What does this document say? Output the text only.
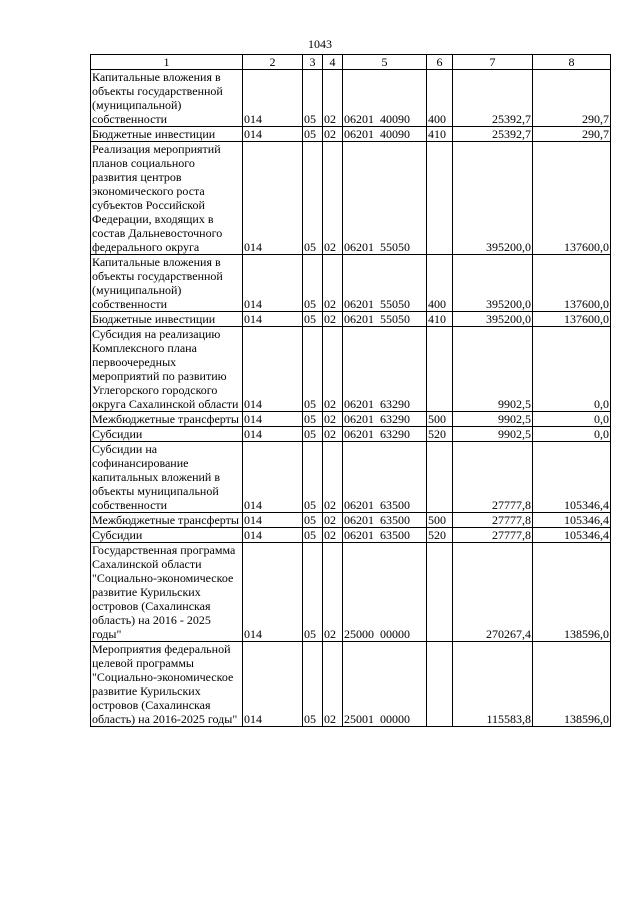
1043
1	2	3	4	5	6	7	8

Капитальные вложения в объекты государственной (муниципальной) собственности	014	05	02	06201 40090	400	25392,7	290,7

Бюджетные инвестиции	014	05	02	06201 40090	410	25392,7	290,7

Реализация мероприятий планов социального развития центров экономического роста субъектов Российской Федерации, входящих в состав Дальневосточного федерального округа	014	05	02	06201 55050		395200,0	137600,0

Капитальные вложения в объекты государственной (муниципальной) собственности	014	05	02	06201 55050	400	395200,0	137600,0

Бюджетные инвестиции	014	05	02	06201 55050	410	395200,0	137600,0

Субсидия на реализацию Комплексного плана первоочередных мероприятий по развитию Углегорского городского округа Сахалинской области	014	05	02	06201 63290		9902,5	0,0

Межбюджетные трансферты	014	05	02	06201 63290	500	9902,5	0,0

Субсидии	014	05	02	06201 63290	520	9902,5	0,0

Субсидии на софинансирование капитальных вложений в объекты муниципальной собственности	014	05	02	06201 63500		27777,8	105346,4

Межбюджетные трансферты	014	05	02	06201 63500	500	27777,8	105346,4

Субсидии	014	05	02	06201 63500	520	27777,8	105346,4

Государственная программа Сахалинской области "Социально-экономическое развитие Курильских островов (Сахалинская область) на 2016 - 2025 годы"	014	05	02	25000 00000		270267,4	138596,0

Мероприятия федеральной целевой программы "Социально-экономическое развитие Курильских островов (Сахалинская область) на 2016-2025 годы"	014	05	02	25001 00000		115583,8	138596,0
